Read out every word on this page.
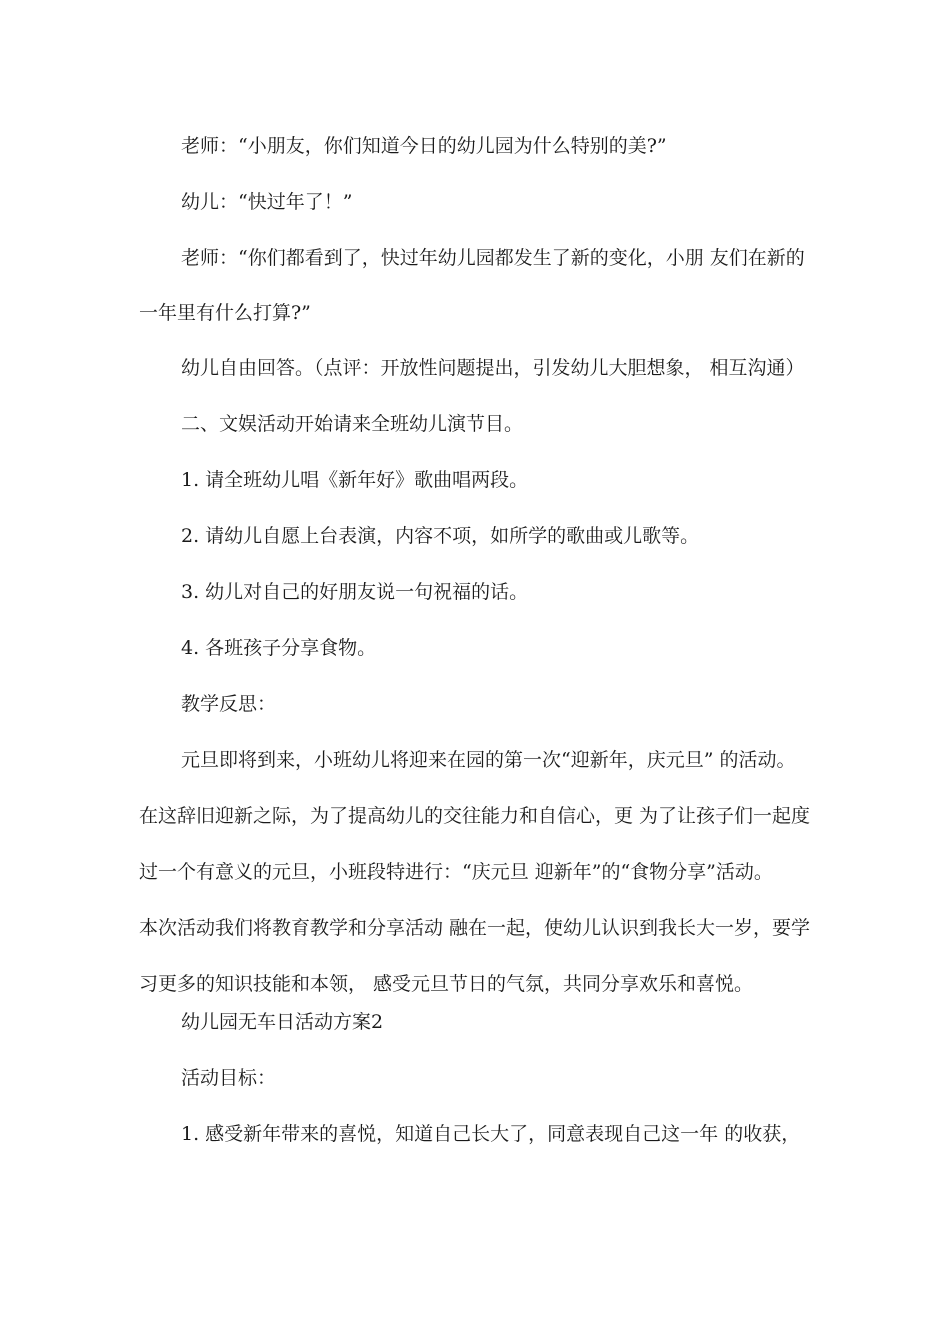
老师：“小朋友，你们知道今日的幼儿园为什么特别的美?”
幼儿：“快过年了！”
老师：“你们都看到了，快过年幼儿园都发生了新的变化，小朋 友们在新的
一年里有什么打算?”
幼儿自由回答。（点评：开放性问题提出，引发幼儿大胆想象， 相互沟通）
二、文娱活动开始请来全班幼儿演节目。
1. 请全班幼儿唱《新年好》歌曲唱两段。
2. 请幼儿自愿上台表演，内容不项，如所学的歌曲或儿歌等。
3. 幼儿对自己的好朋友说一句祝福的话。
4. 各班孩子分享食物。
教学反思：
元旦即将到来，小班幼儿将迎来在园的第一次“迎新年，庆元旦” 的活动。
在这辞旧迎新之际，为了提高幼儿的交往能力和自信心，更 为了让孩子们一起度
过一个有意义的元旦，小班段特进行：“庆元旦 迎新年”的“食物分享”活动。
本次活动我们将教育教学和分享活动 融在一起，使幼儿认识到我长大一岁，要学
习更多的知识技能和本领， 感受元旦节日的气氛，共同分享欢乐和喜悦。
幼儿园无车日活动方案2
活动目标：
1. 感受新年带来的喜悦，知道自己长大了，同意表现自己这一年 的收获，
